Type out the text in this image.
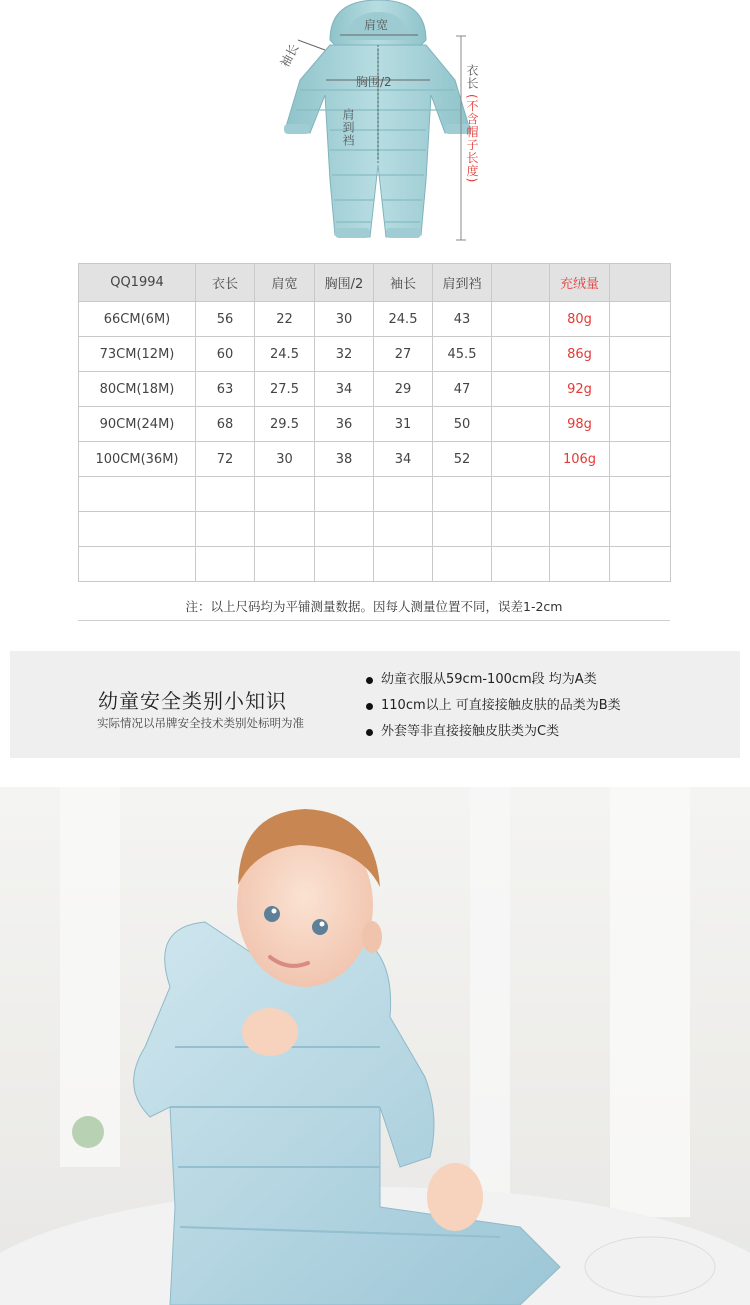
肩宽
胸围/2
肩到裆
袖长
衣长
(不含帽子长度)
QQ1994	衣长	肩宽	胸围/2	袖长	肩到裆		充绒量	
66CM(6M)	56	22	30	24.5	43		80g	
73CM(12M)	60	24.5	32	27	45.5		86g	
80CM(18M)	63	27.5	34	29	47		92g	
90CM(24M)	68	29.5	36	31	50		98g	
100CM(36M)	72	30	38	34	52		106g	

注：以上尺码均为平铺测量数据。因每人测量位置不同，误差1-2cm
幼童安全类别小知识
实际情况以吊牌安全技术类别处标明为准
幼童衣服从59cm-100cm段 均为A类
110cm以上 可直接接触皮肤的品类为B类
外套等非直接接触皮肤类为C类
